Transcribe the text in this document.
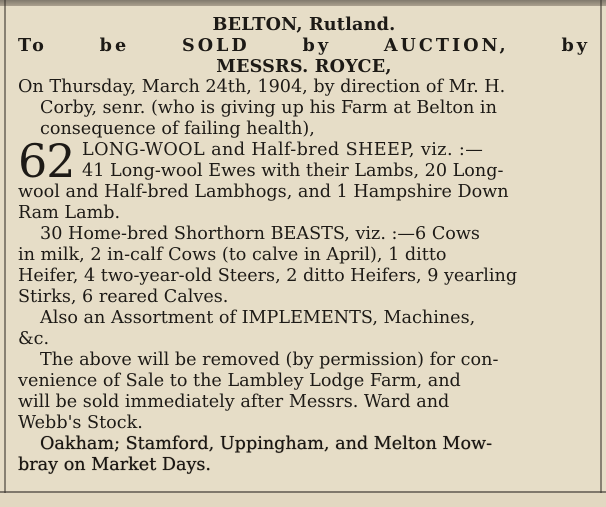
BELTON, Rutland.
To be SOLD by AUCTION, by
MESSRS. ROYCE,
On Thursday, March 24th, 1904, by direction of Mr. H.
Corby, senr. (who is giving up his Farm at Belton in
consequence of failing health),
62 LONG-WOOL and Half-bred SHEEP, viz. :—
41 Long-wool Ewes with their Lambs, 20 Long-
wool and Half-bred Lambhogs, and 1 Hampshire Down
Ram Lamb.
30 Home-bred Shorthorn BEASTS, viz. :—6 Cows
in milk, 2 in-calf Cows (to calve in April), 1 ditto
Heifer, 4 two-year-old Steers, 2 ditto Heifers, 9 yearling
Stirks, 6 reared Calves.
Also an Assortment of IMPLEMENTS, Machines,
&c.
The above will be removed (by permission) for con-
venience of Sale to the Lambley Lodge Farm, and
will be sold immediately after Messrs. Ward and
Webb's Stock.
Oakham; Stamford, Uppingham, and Melton Mow-
bray on Market Days.
